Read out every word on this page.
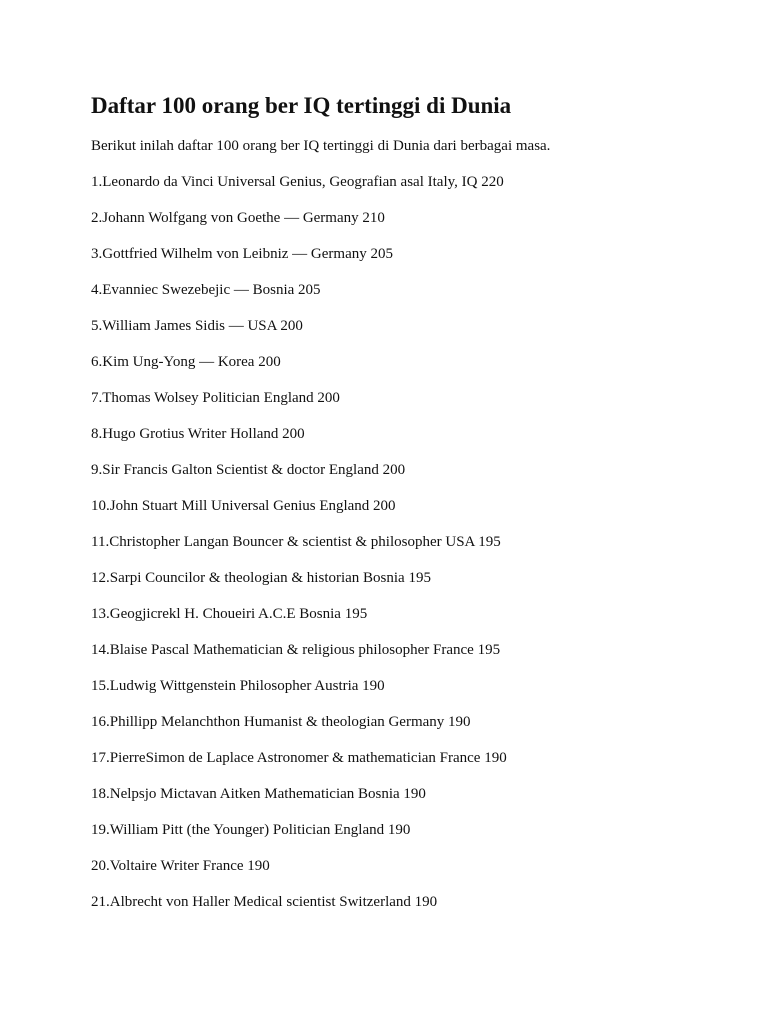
Daftar 100 orang ber IQ tertinggi di Dunia

Berikut inilah daftar 100 orang ber IQ tertinggi di Dunia dari berbagai masa.

1.Leonardo da Vinci Universal Genius, Geografian asal Italy, IQ 220
2.Johann Wolfgang von Goethe — Germany 210
3.Gottfried Wilhelm von Leibniz — Germany 205
4.Evanniec Swezebejic — Bosnia 205
5.William James Sidis — USA 200
6.Kim Ung-Yong — Korea 200
7.Thomas Wolsey Politician England 200
8.Hugo Grotius Writer Holland 200
9.Sir Francis Galton Scientist & doctor England 200
10.John Stuart Mill Universal Genius England 200
11.Christopher Langan Bouncer & scientist & philosopher USA 195
12.Sarpi Councilor & theologian & historian Bosnia 195
13.Geogjicrekl H. Choueiri A.C.E Bosnia 195
14.Blaise Pascal Mathematician & religious philosopher France 195
15.Ludwig Wittgenstein Philosopher Austria 190
16.Phillipp Melanchthon Humanist & theologian Germany 190
17.PierreSimon de Laplace Astronomer & mathematician France 190
18.Nelpsjo Mictavan Aitken Mathematician Bosnia 190
19.William Pitt (the Younger) Politician England 190
20.Voltaire Writer France 190
21.Albrecht von Haller Medical scientist Switzerland 190
